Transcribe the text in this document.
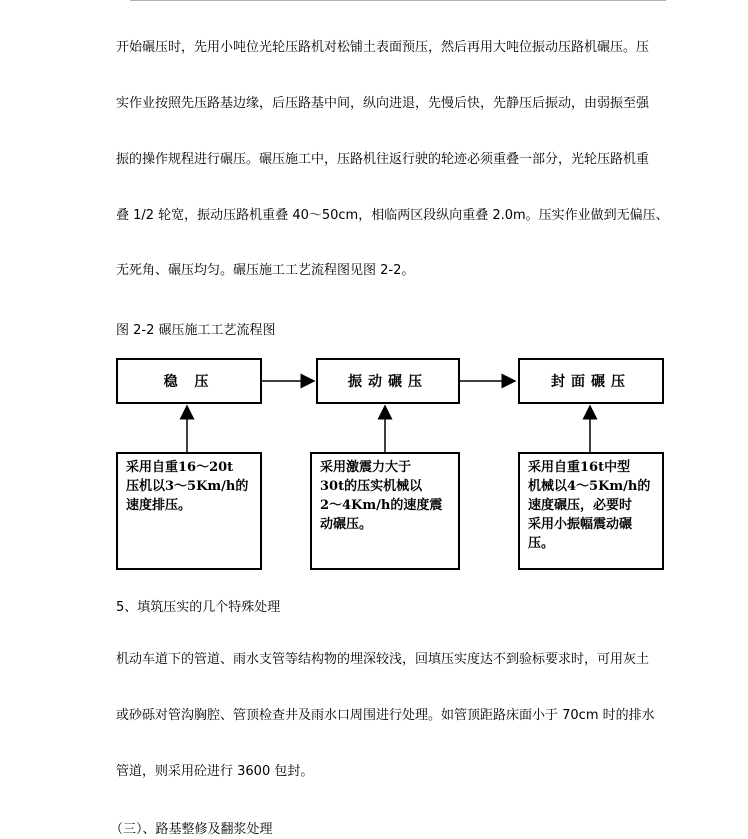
开始碾压时，先用小吨位光轮压路机对松铺土表面预压，然后再用大吨位振动压路机碾压。压
实作业按照先压路基边缘，后压路基中间，纵向进退，先慢后快，先静压后振动，由弱振至强
振的操作规程进行碾压。碾压施工中，压路机往返行驶的轮迹必须重叠一部分，光轮压路机重
叠 1/2 轮宽，振动压路机重叠 40～50cm，相临两区段纵向重叠 2.0m。压实作业做到无偏压、
无死角、碾压均匀。碾压施工工艺流程图见图 2-2。
图 2-2 碾压施工工艺流程图
稳 压	振动碾压	封面碾压
采用自重16～20t
压机以3～5Km/h的
速度排压。
采用激震力大于
30t的压实机械以
2～4Km/h的速度震
动碾压。
采用自重16t中型
机械以4～5Km/h的
速度碾压，必要时
采用小振幅震动碾
压。
5、填筑压实的几个特殊处理
机动车道下的管道、雨水支管等结构物的埋深较浅，回填压实度达不到验标要求时，可用灰土
或砂砾对管沟胸腔、管顶检查井及雨水口周围进行处理。如管顶距路床面小于 70cm 时的排水
管道，则采用砼进行 3600 包封。
（三）、路基整修及翻浆处理
